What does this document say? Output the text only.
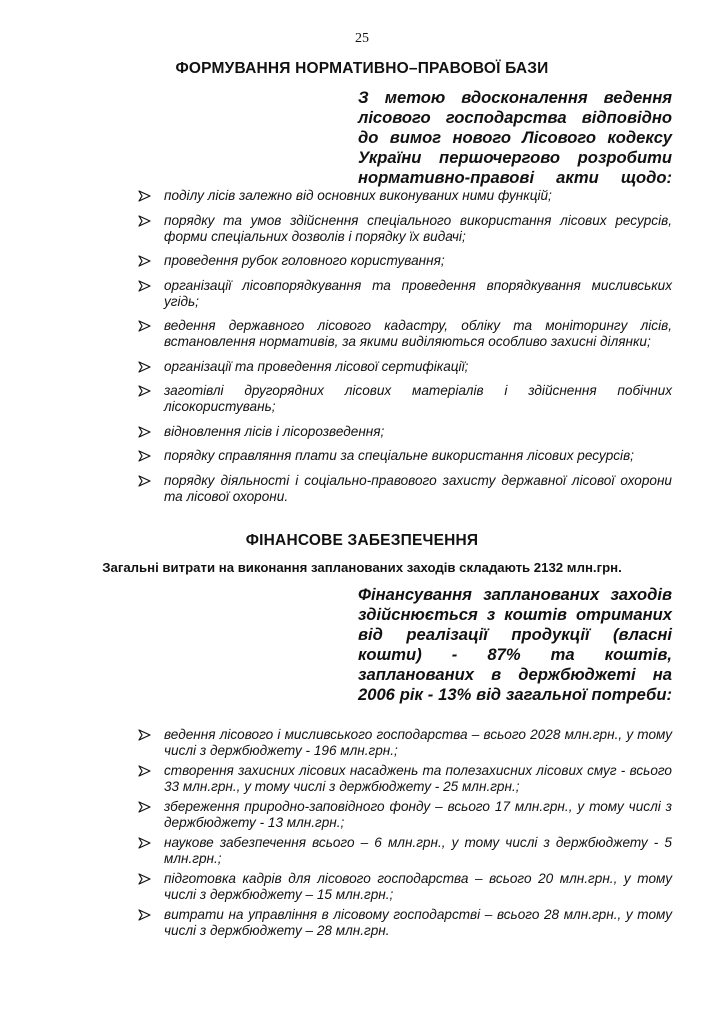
25
ФОРМУВАННЯ НОРМАТИВНО–ПРАВОВОЇ БАЗИ
З метою вдосконалення ведення лісового господарства відповідно до вимог нового Лісового кодексу України першочергово розробити нормативно-правові акти щодо:
поділу лісів залежно від основних виконуваних ними функцій;
порядку та умов здійснення спеціального використання лісових ресурсів, форми спеціальних дозволів і порядку їх видачі;
проведення рубок головного користування;
організації лісовпорядкування та проведення впорядкування мисливських угідь;
ведення державного лісового кадастру, обліку та моніторингу лісів, встановлення нормативів, за якими виділяються особливо захисні ділянки;
організації та проведення лісової сертифікації;
заготівлі другорядних лісових матеріалів і здійснення побічних лісокористувань;
відновлення лісів і лісорозведення;
порядку справляння плати за спеціальне використання лісових ресурсів;
порядку діяльності і соціально-правового захисту державної лісової охорони та лісової охорони.
ФІНАНСОВЕ ЗАБЕЗПЕЧЕННЯ
Загальні витрати на виконання запланованих заходів складають 2132 млн.грн.
Фінансування запланованих заходів здійснюється з коштів отриманих від реалізації продукції (власні кошти) - 87% та коштів, запланованих в держбюджеті на 2006 рік - 13% від загальної потреби:
ведення лісового і мисливського господарства – всього 2028 млн.грн., у тому числі з держбюджету - 196 млн.грн.;
створення захисних лісових насаджень та полезахисних лісових смуг - всього 33 млн.грн., у тому числі з держбюджету - 25 млн.грн.;
збереження природно-заповідного фонду – всього 17 млн.грн., у тому числі з держбюджету - 13 млн.грн.;
наукове забезпечення всього – 6 млн.грн., у тому числі з держбюджету - 5 млн.грн.;
підготовка кадрів для лісового господарства – всього 20 млн.грн., у тому числі з держбюджету – 15 млн.грн.;
витрати на управління в лісовому господарстві – всього 28 млн.грн., у тому числі з держбюджету – 28 млн.грн.
